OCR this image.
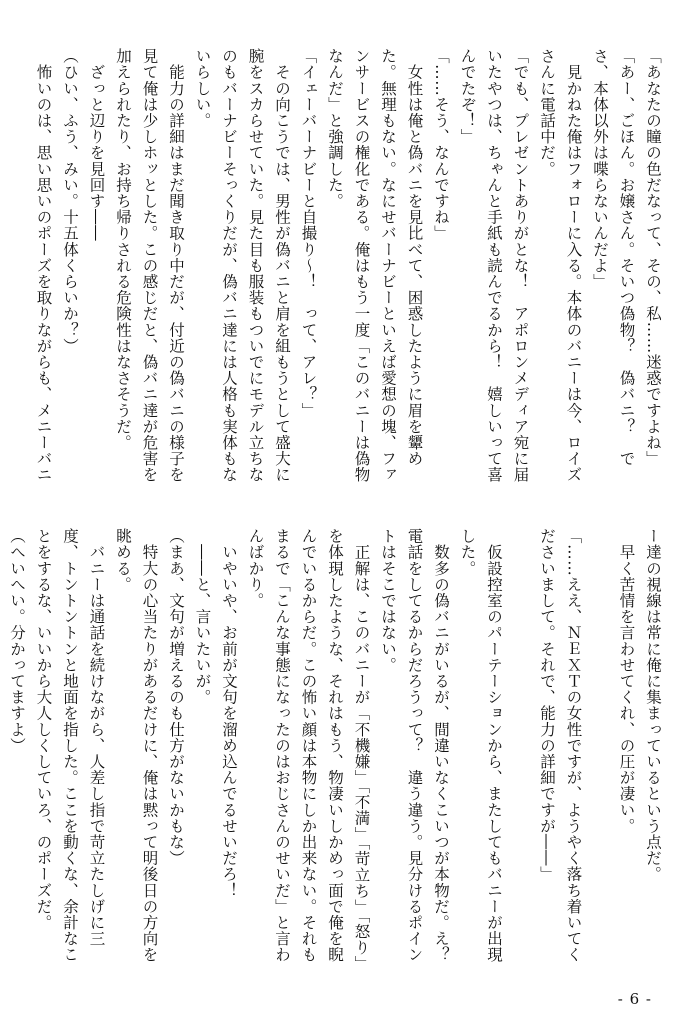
「あなたの瞳の色だなって、その、私……迷惑ですよね」
「あー、ごほん。お嬢さん。そいつ偽物？　偽バニ？　でさ、本体以外は喋らないんだよ」
　見かねた俺はフォローに入る。本体のバニーは今、ロイズさんに電話中だ。
「でも、プレゼントありがとな！　アポロンメディア宛に届いたやつは、ちゃんと手紙も読んでるから！　嬉しいって喜んでたぞ！」
「……そう、なんですね」
　女性は俺と偽バニを見比べて、困惑したように眉を顰めた。無理もない。なにせバーナビーといえば愛想の塊、ファンサービスの権化である。俺はもう一度「このバニーは偽物なんだ」と強調した。
「イェーバーナビーと自撮り～！　って、アレ？」
　その向こうでは、男性が偽バニと肩を組もうとして盛大に腕をスカらせていた。見た目も服装もついでにモデル立ちなのもバーナビーそっくりだが、偽バニ達には人格も実体もないらしい。
　能力の詳細はまだ聞き取り中だが、付近の偽バニの様子を見て俺は少しホッとした。この感じだと、偽バニ達が危害を加えられたり、お持ち帰りされる危険性はなさそうだ。
　ざっと辺りを見回す――
（ひい、ふう、みい。十五体くらいか？）
　怖いのは、思い思いのポーズを取りながらも、メニーバニ
ー達の視線は常に俺に集まっているという点だ。
　早く苦情を言わせてくれ、の圧が凄い。

「……ええ、ＮＥＸＴの女性ですが、ようやく落ち着いてくださいまして。それで、能力の詳細ですが――」

　仮設控室のパーテーションから、またしてもバニーが出現した。
　数多の偽バニがいるが、間違いなくこいつが本物だ。え？　電話をしてるからだろうって？　違う違う。見分けるポイントはそこではない。
　正解は、このバニーが「不機嫌」「不満」「苛立ち」「怒り」を体現したような、それはもう、物凄いしかめっ面で俺を睨んでいるからだ。この怖い顔は本物にしか出来ない。それもまるで「こんな事態になったのはおじさんのせいだ」と言わんばかり。
　いやいや、お前が文句を溜め込んでるせいだろ！
　――と、言いたいが。
（まあ、文句が増えるのも仕方がないかもな）
　特大の心当たりがあるだけに、俺は黙って明後日の方向を眺める。
　バニーは通話を続けながら、人差し指で苛立たしげに三度、トントントンと地面を指した。ここを動くな、余計なことをするな、いいから大人しくしていろ、のポーズだ。
（へいへい。分かってますよ）
- 6 -
